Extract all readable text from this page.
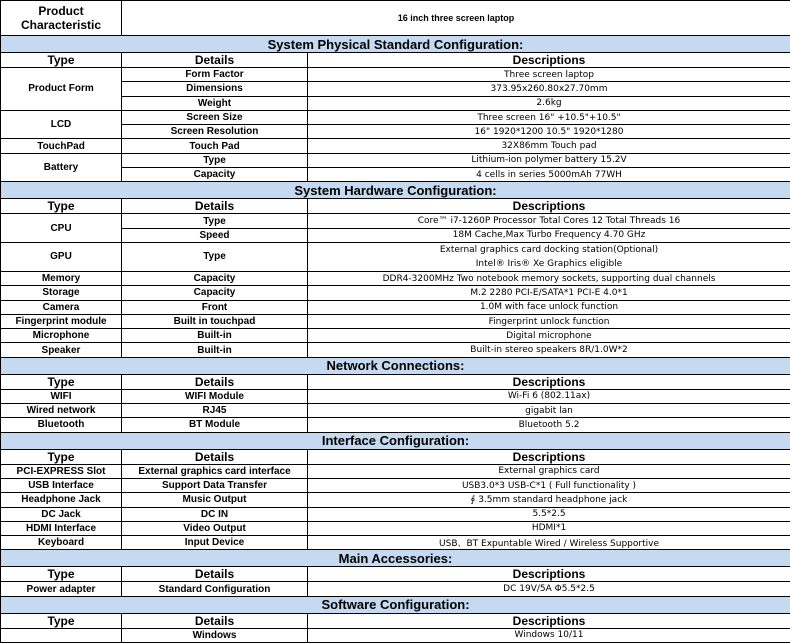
Product
Characteristic	16 inch three screen laptop	
System Physical Standard Configuration:		
Type	Details	Descriptions
Product Form	Form Factor	Three screen laptop
	Dimensions	373.95x260.80x27.70mm
	Weight	2.6kg
LCD	Screen Size	Three screen 16" +10.5"+10.5"
	Screen Resolution	16" 1920*1200 10.5" 1920*1280
TouchPad	Touch Pad	32X86mm Touch pad
Battery	Type	Lithium-ion polymer battery 15.2V
	Capacity	4 cells in series 5000mAh 77WH
System Hardware Configuration:		
Type	Details	Descriptions
CPU	Type	Core™ i7-1260P Processor Total Cores 12 Total Threads 16
	Speed	18M Cache,Max Turbo Frequency 4.70 GHz
GPU	Type	External graphics card docking station(Optional)
Intel® Iris® Xe Graphics eligible
Memory	Capacity	DDR4-3200MHz Two notebook memory sockets, supporting dual channels
Storage	Capacity	M.2 2280 PCI-E/SATA*1 PCI-E 4.0*1
Camera	Front	1.0M with face unlock function
Fingerprint module	Built in touchpad	Fingerprint unlock function
Microphone	Built-in	Digital microphone
Speaker	Built-in	Built-in stereo speakers 8R/1.0W*2
Network Connections:		
Type	Details	Descriptions
WIFI	WIFI Module	Wi-Fi 6 (802.11ax)
Wired network	RJ45	gigabit lan
Bluetooth	BT Module	Bluetooth 5.2
Interface Configuration:		
Type	Details	Descriptions
PCI-EXPRESS Slot	External graphics card interface	External graphics card
USB Interface	Support Data Transfer	USB3.0*3 USB-C*1 ( Full functionality )
Headphone Jack	Music Output	∮ 3.5mm standard headphone jack
DC Jack	DC IN	5.5*2.5
HDMI Interface	Video Output	HDMI*1
Keyboard	Input Device	USB、BT Expuntable Wired / Wireless Supportive
Main Accessories:		
Type	Details	Descriptions
Power adapter	Standard Configuration	DC 19V/5A Φ5.5*2.5
Software Configuration:		
Type	Details	Descriptions
	Windows	Windows 10/11
